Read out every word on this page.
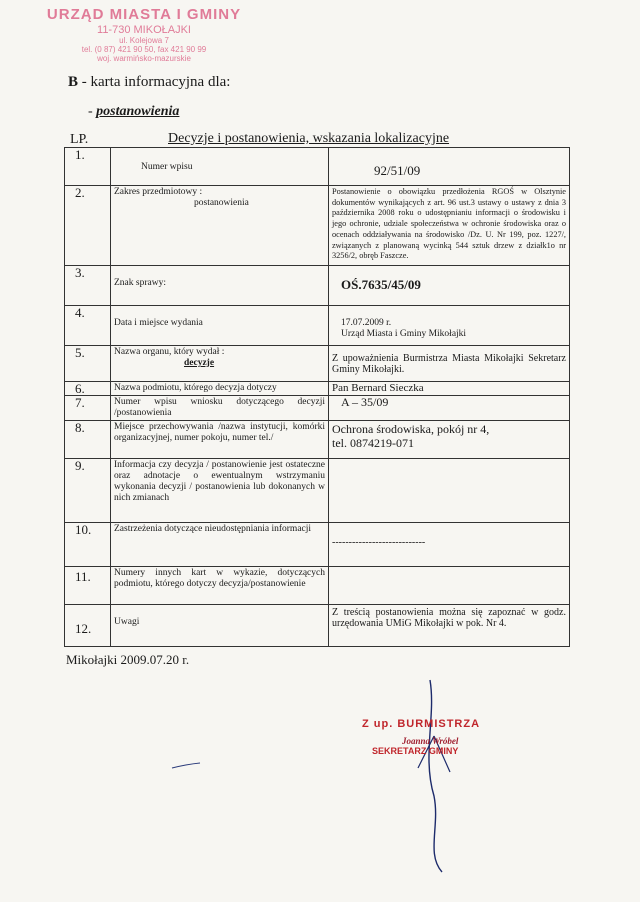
URZĄD MIASTA I GMINY
11-730 MIKOŁAJKI
ul. Kolejowa 7
tel. (0 87) 421 90 50, fax 421 90 99
woj. warmińsko-mazurskie
B - karta informacyjna dla:
- postanowienia
LP.	Decyzje i postanowienia, wskazania lokalizacyjne
1.	Numer wpisu	92/51/09
2.	Zakres przedmiotowy :
postanowienia	Postanowienie o obowiązku przedłożenia RGOŚ w Olsztynie dokumentów wynikających z art. 96 ust.3 ustawy o ustawy z dnia 3 października 2008 roku o udostępnianiu informacji o środowisku i jego ochronie, udziale społeczeństwa w ochronie środowiska oraz o ocenach oddziaływania na środowisko /Dz. U. Nr 199, poz. 1227/, związanych z planowaną wycinką 544 sztuk drzew z działk1o nr 3256/2, obręb Faszcze.
3.	Znak sprawy:	OŚ.7635/45/09
4.	Data i miejsce wydania	17.07.2009 r.
Urząd Miasta i Gminy Mikołajki

5.	Nazwa organu, który wydał :
decyzje	Z upoważnienia Burmistrza Miasta Mikołajki Sekretarz Gminy Mikołajki.
6.	Nazwa podmiotu, którego decyzja dotyczy	Pan Bernard Sieczka
7.	Numer wpisu wniosku dotyczącego decyzji /postanowienia	A – 35/09
8.	Miejsce przechowywania /nazwa instytucji, komórki organizacyjnej, numer pokoju, numer tel./	Ochrona środowiska, pokój nr 4,
tel. 0874219-071

9.	Informacja czy decyzja / postanowienie jest ostateczne oraz adnotacje o ewentualnym wstrzymaniu wykonania decyzji / postanowienia lub dokonanych w nich zmianach	
10.	Zastrzeżenia dotyczące nieudostępniania informacji	----------------------------
11.	Numery innych kart w wykazie, dotyczących podmiotu, którego dotyczy decyzja/postanowienie	
12.	Uwagi	Z treścią postanowienia można się zapoznać w godz. urzędowania UMiG Mikołajki w pok. Nr 4.
Mikołajki 2009.07.20 r.
Z up. BURMISTRZA
Joanna Wróbel
SEKRETARZ GMINY
